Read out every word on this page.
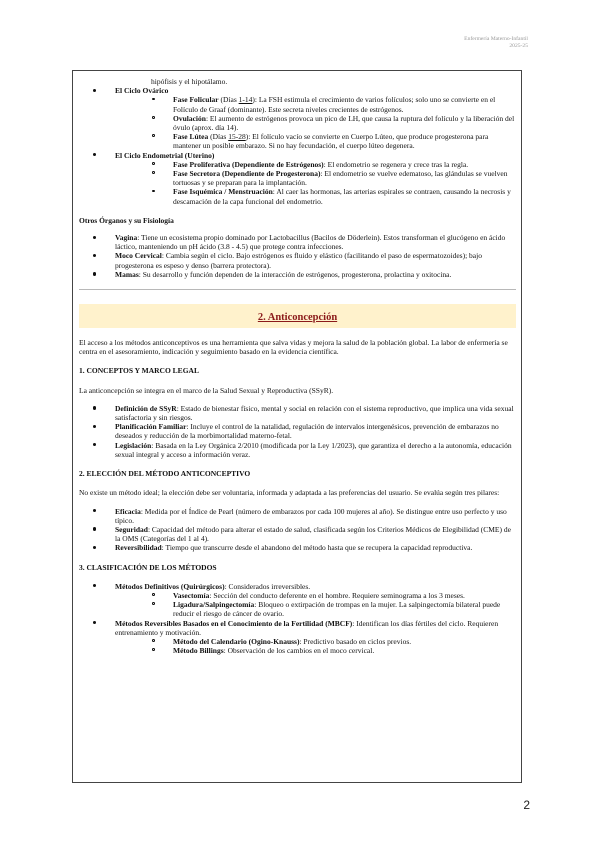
Enfermería Materno-Infantil
2025-25

hipófisis y el hipotálamo.

El Ciclo Ovárico
Fase Folicular (Días 1-14): La FSH estimula el crecimiento de varios folículos; solo uno se convierte en el Folículo de Graaf (dominante). Este secreta niveles crecientes de estrógenos.
Ovulación: El aumento de estrógenos provoca un pico de LH, que causa la ruptura del folículo y la liberación del óvulo (aprox. día 14).
Fase Lútea (Días 15-28): El folículo vacío se convierte en Cuerpo Lúteo, que produce progesterona para mantener un posible embarazo. Si no hay fecundación, el cuerpo lúteo degenera.
El Ciclo Endometrial (Uterino)
Fase Proliferativa (Dependiente de Estrógenos): El endometrio se regenera y crece tras la regla.
Fase Secretora (Dependiente de Progesterona): El endometrio se vuelve edematoso, las glándulas se vuelven tortuosas y se preparan para la implantación.
Fase Isquémica / Menstruación: Al caer las hormonas, las arterias espirales se contraen, causando la necrosis y descamación de la capa funcional del endometrio.

Otros Órganos y su Fisiología

Vagina: Tiene un ecosistema propio dominado por Lactobacillus (Bacilos de Döderlein). Estos transforman el glucógeno en ácido láctico, manteniendo un pH ácido (3.8 - 4.5) que protege contra infecciones.
Moco Cervical: Cambia según el ciclo. Bajo estrógenos es fluido y elástico (facilitando el paso de espermatozoides); bajo progesterona es espeso y denso (barrera protectora).
Mamas: Su desarrollo y función dependen de la interacción de estrógenos, progesterona, prolactina y oxitocina.
2. Anticoncepción

El acceso a los métodos anticonceptivos es una herramienta que salva vidas y mejora la salud de la población global. La labor de enfermería se centra en el asesoramiento, indicación y seguimiento basado en la evidencia científica.

1. CONCEPTOS Y MARCO LEGAL

La anticoncepción se integra en el marco de la Salud Sexual y Reproductiva (SSyR).

Definición de SSyR: Estado de bienestar físico, mental y social en relación con el sistema reproductivo, que implica una vida sexual satisfactoria y sin riesgos.
Planificación Familiar: Incluye el control de la natalidad, regulación de intervalos intergenésicos, prevención de embarazos no deseados y reducción de la morbimortalidad materno-fetal.
Legislación: Basada en la Ley Orgánica 2/2010 (modificada por la Ley 1/2023), que garantiza el derecho a la autonomía, educación sexual integral y acceso a información veraz.

2. ELECCIÓN DEL MÉTODO ANTICONCEPTIVO

No existe un método ideal; la elección debe ser voluntaria, informada y adaptada a las preferencias del usuario. Se evalúa según tres pilares:

Eficacia: Medida por el Índice de Pearl (número de embarazos por cada 100 mujeres al año). Se distingue entre uso perfecto y uso típico.
Seguridad: Capacidad del método para alterar el estado de salud, clasificada según los Criterios Médicos de Elegibilidad (CME) de la OMS (Categorías del 1 al 4).
Reversibilidad: Tiempo que transcurre desde el abandono del método hasta que se recupera la capacidad reproductiva.

3. CLASIFICACIÓN DE LOS MÉTODOS

Métodos Definitivos (Quirúrgicos): Considerados irreversibles.
Vasectomía: Sección del conducto deferente en el hombre. Requiere seminograma a los 3 meses.
Ligadura/Salpingectomía: Bloqueo o extirpación de trompas en la mujer. La salpingectomía bilateral puede reducir el riesgo de cáncer de ovario.
Métodos Reversibles Basados en el Conocimiento de la Fertilidad (MBCF): Identifican los días fértiles del ciclo. Requieren entrenamiento y motivación.
Método del Calendario (Ogino-Knauss): Predictivo basado en ciclos previos.
Método Billings: Observación de los cambios en el moco cervical.
2
